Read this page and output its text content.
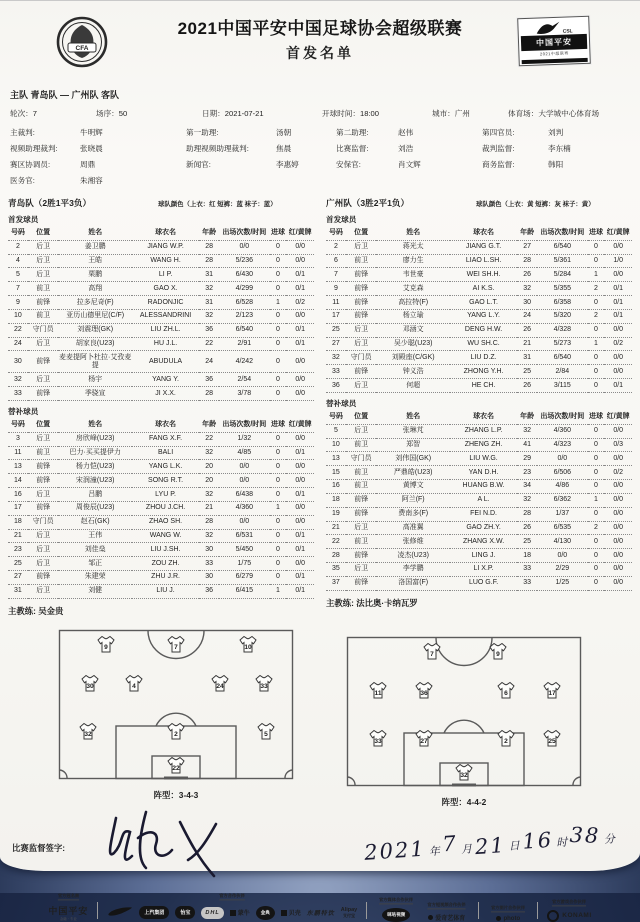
CFA
2021中国平安中国足球协会超级联赛
首发名单
CSL
中国平安
2021中超联赛
主队 青岛队 — 广州队 客队
轮次：7	场序：50	日期：2021-07-21	开球时间：18:00	城市：广州	体育场：大学城中心体育场
主裁判:	牛明辉	第一助理:	汤朝	第二助理:	赵伟	第四官员:	刘判
视频助理裁判:	张晓晨	助理视频助理裁判:	焦晨	比赛监督:	刘浩	裁判监督:	李东楠
赛区协调员:	周鼎	新闻官:	李惠婷	安保官:	肖文辉	商务监督:	韩阳
医务官:	朱湘容
青岛队（2胜1平3负）	球队颜色（上衣：红 短裤：蓝 袜子：蓝）
首发球员
号码	位置	姓名	球衣名	年龄	出场次数/时间	进球	红/黄牌
2	后卫	姜卫鹏	JIANG W.P.	28	0/0	0	0/0
4	后卫	王皓	WANG H.	28	5/236	0	0/0
5	后卫	栗鹏	LI P.	31	6/430	0	0/1
7	前卫	高翔	GAO X.	32	4/299	0	0/1
9	前锋	拉多尼奇(F)	RADONJIC	31	6/528	1	0/2
10	前卫	亚历山德里尼(C/F)	ALESSANDRINI	32	2/123	0	0/0
22	守门员	刘震理(GK)	LIU ZH.L.	36	6/540	0	0/1
24	后卫	胡家良(U23)	HU J.L.	22	2/91	0	0/1
30	前锋	麦麦提阿卜杜拉·艾孜麦提	ABUDULA	24	4/242	0	0/0
32	后卫	杨宇	YANG Y.	36	2/54	0	0/0
33	前锋	季骁宣	JI X.X.	28	3/78	0	0/0
替补球员
号码	位置	姓名	球衣名	年龄	出场次数/时间	进球	红/黄牌
3	后卫	房欣峰(U23)	FANG X.F.	22	1/32	0	0/0
11	前卫	巴力·买买提伊力	BALI	32	4/85	0	0/1
13	前锋	杨力恺(U23)	YANG L.K.	20	0/0	0	0/0
14	前锋	宋润潼(U23)	SONG R.T.	20	0/0	0	0/0
16	后卫	吕鹏	LYU P.	32	6/438	0	0/1
17	前锋	周俊辰(U23)	ZHOU J.CH.	21	4/360	1	0/0
18	守门员	赵石(GK)	ZHAO SH.	28	0/0	0	0/0
21	后卫	王伟	WANG W.	32	6/531	0	0/1
23	后卫	刘佳燊	LIU J.SH.	30	5/450	0	0/1
25	后卫	邹正	ZOU ZH.	33	1/75	0	0/0
27	前锋	朱建荣	ZHU J.R.	30	6/279	0	0/1
31	后卫	刘健	LIU J.	36	6/415	1	0/1
主教练: 吴金贵
广州队（3胜2平1负）	球队颜色（上衣：黄 短裤：灰 袜子：黄）
首发球员
号码	位置	姓名	球衣名	年龄	出场次数/时间	进球	红/黄牌
2	后卫	蒋光太	JIANG G.T.	27	6/540	0	0/0
6	前卫	廖力生	LIAO L.SH.	28	5/361	0	1/0
7	前锋	韦世豪	WEI SH.H.	26	5/284	1	0/0
9	前锋	艾克森	AI K.S.	32	5/355	2	0/1
11	前锋	高拉特(F)	GAO L.T.	30	6/358	0	0/1
17	前锋	杨立瑜	YANG L.Y.	24	5/320	2	0/1
25	后卫	邓涵文	DENG H.W.	26	4/328	0	0/0
27	后卫	吴少聪(U23)	WU SH.C.	21	5/273	1	0/2
32	守门员	刘殿座(C/GK)	LIU D.Z.	31	6/540	0	0/0
33	前锋	钟义浩	ZHONG Y.H.	25	2/84	0	0/0
36	后卫	何超	HE CH.	26	3/115	0	0/1
替补球员
号码	位置	姓名	球衣名	年龄	出场次数/时间	进球	红/黄牌
5	后卫	张琳芃	ZHANG L.P.	32	4/360	0	0/0
10	前卫	郑智	ZHENG ZH.	41	4/323	0	0/3
13	守门员	刘伟国(GK)	LIU W.G.	29	0/0	0	0/0
15	前卫	严鼎皓(U23)	YAN D.H.	23	6/506	0	0/2
16	前卫	黄博文	HUANG B.W.	34	4/86	0	0/0
18	前锋	阿兰(F)	A L.	32	6/362	1	0/0
19	前锋	费南多(F)	FEI N.D.	28	1/37	0	0/0
21	后卫	高准翼	GAO ZH.Y.	26	6/535	2	0/0
22	前卫	张修维	ZHANG X.W.	25	4/130	0	0/0
28	前锋	凌杰(U23)	LING J.	18	0/0	0	0/0
35	后卫	李学鹏	LI X.P.	33	2/29	0	0/0
37	前锋	洛国富(F)	LUO G.F.	33	1/25	0	0/0
主教练: 法比奥·卡纳瓦罗
9	7	10
30	4	24	33
32	2	5
22
阵型：3-4-3
7	9
11	36	6	17
33	27	2	25
32
阵型：4-4-2
比赛监督签字:	2021 年7 月21 日16 时38 分
官方冠名商
中国平安
金融 · 专业
官方合作伙伴
上汽集团	怡宝	DHL	蒙牛	金典	贝壳 东鹏特饮
Alipay
支付宝
官方媒体合作伙伴
咪咕视频
官方短视频合作伙伴
爱奇艺体育
官方图片合作伙伴
photo
官方游戏合作伙伴
KONAMI
